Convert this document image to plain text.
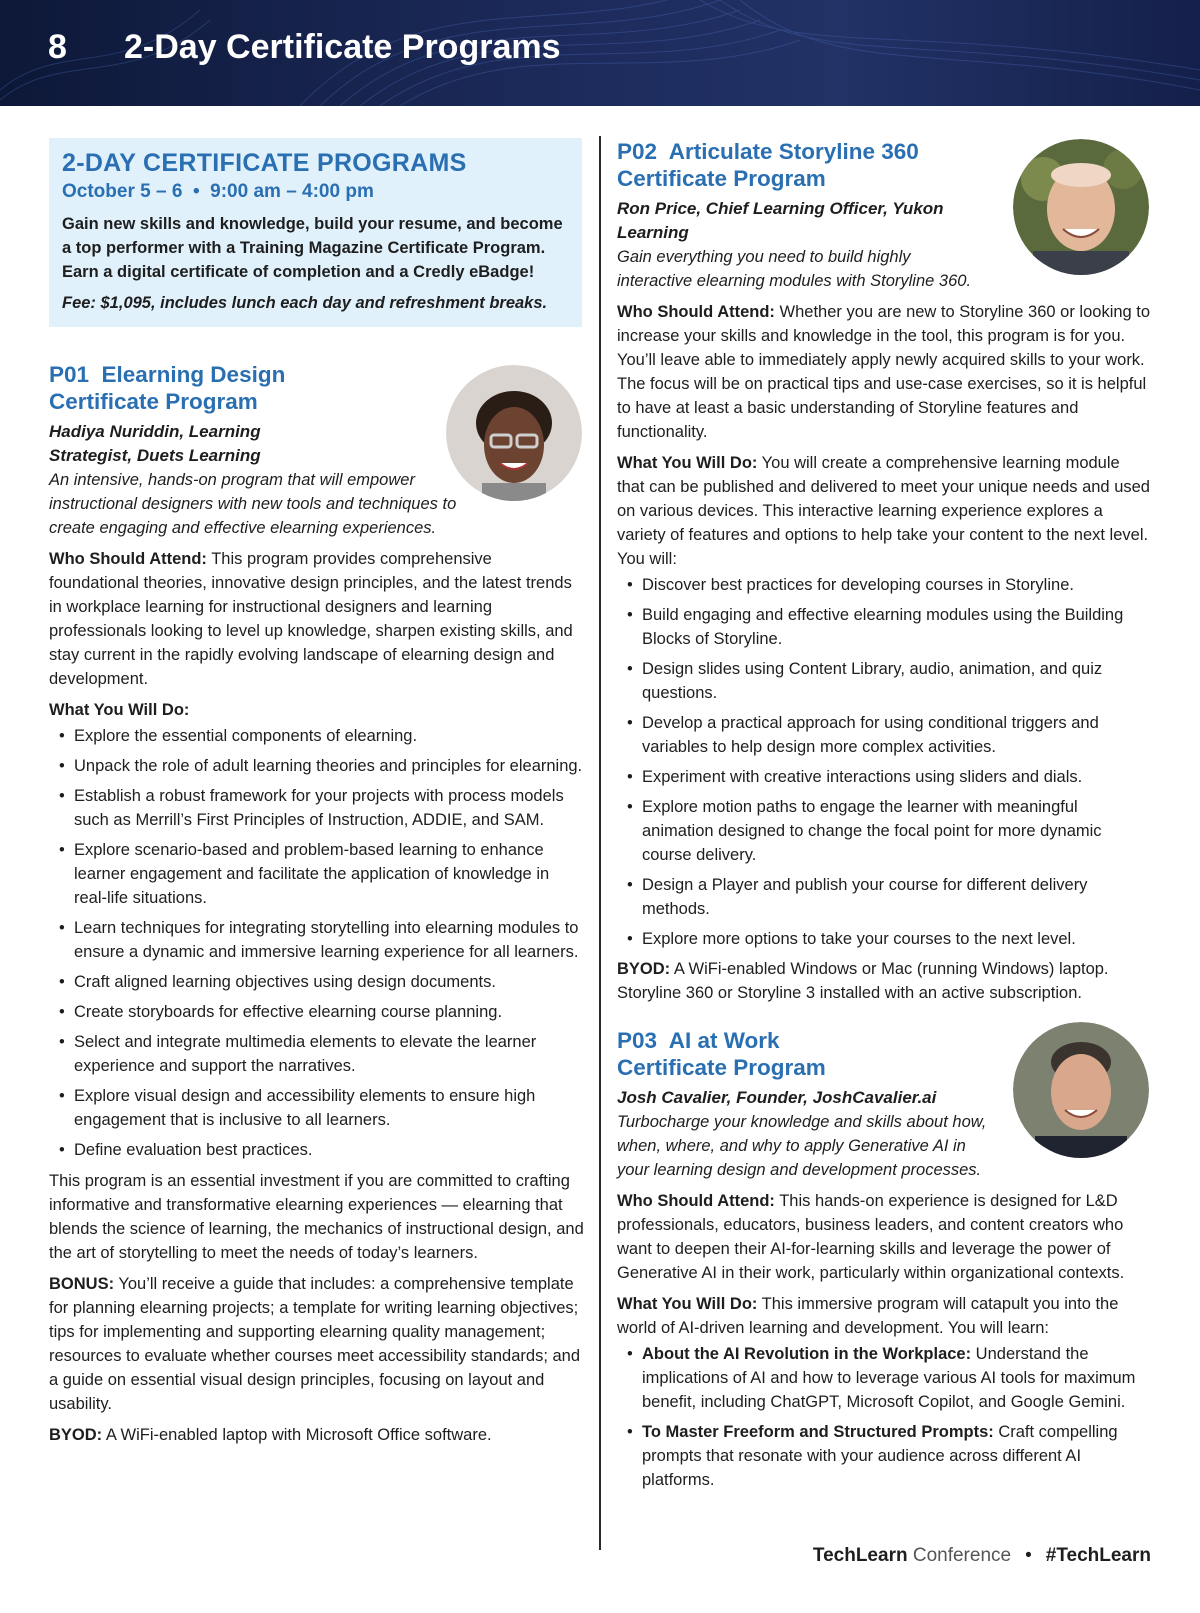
8 2-Day Certificate Programs
2-DAY CERTIFICATE PROGRAMS
October 5 – 6  •  9:00 am – 4:00 pm
Gain new skills and knowledge, build your resume, and become a top performer with a Training Magazine Certificate Program. Earn a digital certificate of completion and a Credly eBadge!
Fee: $1,095, includes lunch each day and refreshment breaks.
P01  Elearning Design
Certificate Program
Hadiya Nuriddin, Learning Strategist, Duets Learning
An intensive, hands-on program that will empower instructional designers with new tools and techniques to create engaging and effective elearning experiences.
Who Should Attend: This program provides comprehensive foundational theories, innovative design principles, and the latest trends in workplace learning for instructional designers and learning professionals looking to level up knowledge, sharpen existing skills, and stay current in the rapidly evolving landscape of elearning design and development.
What You Will Do:
• Explore the essential components of elearning.
• Unpack the role of adult learning theories and principles for elearning.
• Establish a robust framework for your projects with process models such as Merrill’s First Principles of Instruction, ADDIE, and SAM.
• Explore scenario-based and problem-based learning to enhance learner engagement and facilitate the application of knowledge in real-life situations.
• Learn techniques for integrating storytelling into elearning modules to ensure a dynamic and immersive learning experience for all learners.
• Craft aligned learning objectives using design documents.
• Create storyboards for effective elearning course planning.
• Select and integrate multimedia elements to elevate the learner experience and support the narratives.
• Explore visual design and accessibility elements to ensure high engagement that is inclusive to all learners.
• Define evaluation best practices.
This program is an essential investment if you are committed to crafting informative and transformative elearning experiences — elearning that blends the science of learning, the mechanics of instructional design, and the art of storytelling to meet the needs of today’s learners.
BONUS: You’ll receive a guide that includes: a comprehensive template for planning elearning projects; a template for writing learning objectives; tips for implementing and supporting elearning quality management; resources to evaluate whether courses meet accessibility standards; and a guide on essential visual design principles, focusing on layout and usability.
BYOD: A WiFi-enabled laptop with Microsoft Office software.
P02  Articulate Storyline 360
Certificate Program
Ron Price, Chief Learning Officer, Yukon Learning
Gain everything you need to build highly interactive elearning modules with Storyline 360.
Who Should Attend: Whether you are new to Storyline 360 or looking to increase your skills and knowledge in the tool, this program is for you. You’ll leave able to immediately apply newly acquired skills to your work. The focus will be on practical tips and use-case exercises, so it is helpful to have at least a basic understanding of Storyline features and functionality.
What You Will Do: You will create a comprehensive learning module that can be published and delivered to meet your unique needs and used on various devices. This interactive learning experience explores a variety of features and options to help take your content to the next level. You will:
• Discover best practices for developing courses in Storyline.
• Build engaging and effective elearning modules using the Building Blocks of Storyline.
• Design slides using Content Library, audio, animation, and quiz questions.
• Develop a practical approach for using conditional triggers and variables to help design more complex activities.
• Experiment with creative interactions using sliders and dials.
• Explore motion paths to engage the learner with meaningful animation designed to change the focal point for more dynamic course delivery.
• Design a Player and publish your course for different delivery methods.
• Explore more options to take your courses to the next level.
BYOD: A WiFi-enabled Windows or Mac (running Windows) laptop. Storyline 360 or Storyline 3 installed with an active subscription.
P03  AI at Work
Certificate Program
Josh Cavalier, Founder, JoshCavalier.ai
Turbocharge your knowledge and skills about how, when, where, and why to apply Generative AI in your learning design and development processes.
Who Should Attend: This hands-on experience is designed for L&D professionals, educators, business leaders, and content creators who want to deepen their AI-for-learning skills and leverage the power of Generative AI in their work, particularly within organizational contexts.
What You Will Do: This immersive program will catapult you into the world of AI-driven learning and development. You will learn:
• About the AI Revolution in the Workplace: Understand the implications of AI and how to leverage various AI tools for maximum benefit, including ChatGPT, Microsoft Copilot, and Google Gemini.
• To Master Freeform and Structured Prompts: Craft compelling prompts that resonate with your audience across different AI platforms.
TechLearn Conference • #TechLearn
